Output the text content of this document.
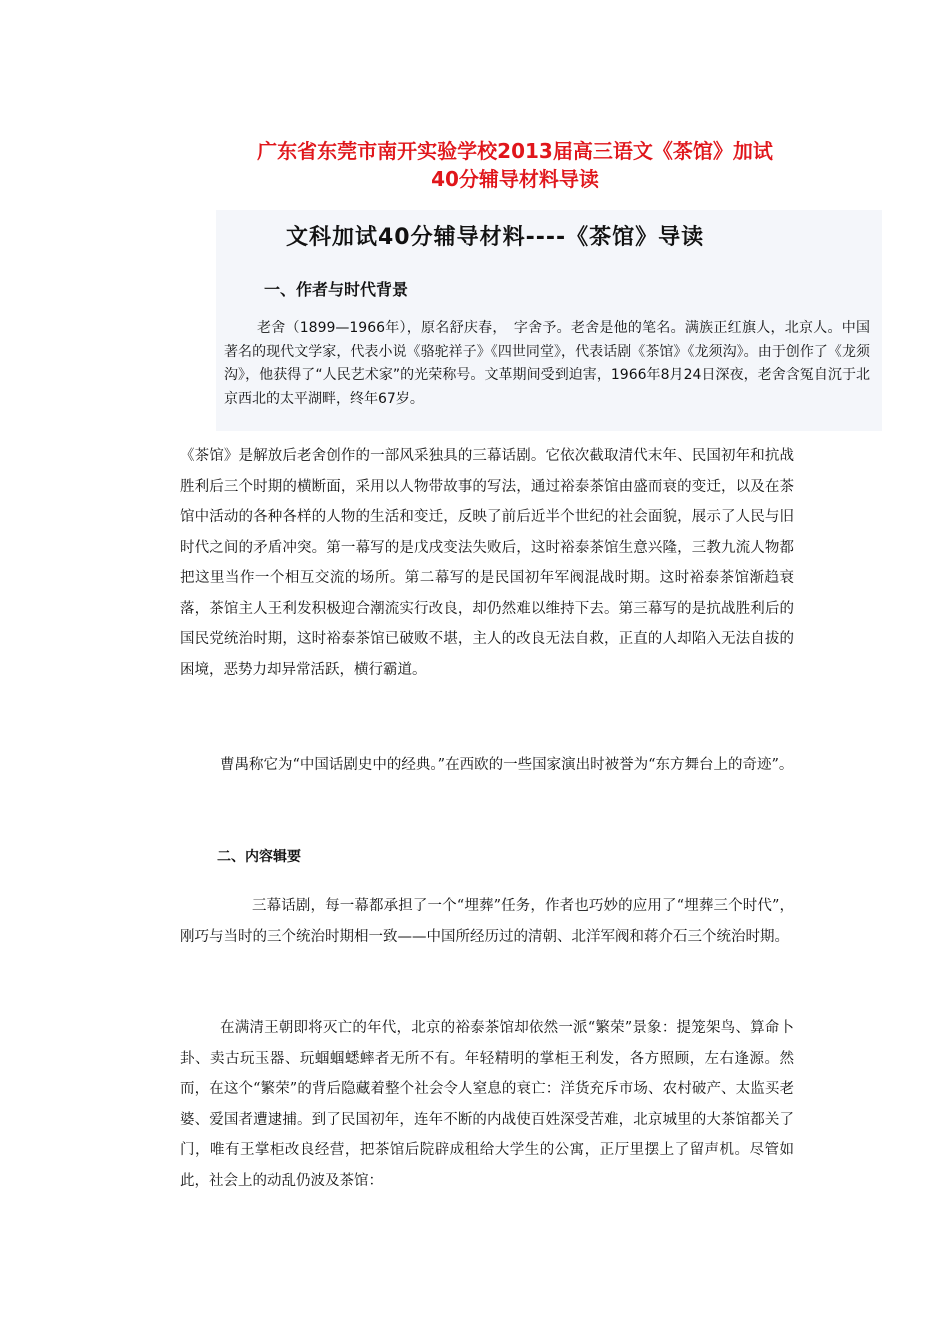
广东省东莞市南开实验学校2013届高三语文《茶馆》加试
40分辅导材料导读
文科加试40分辅导材料----《茶馆》导读
一、作者与时代背景
老舍（1899—1966年），原名舒庆春，　字舍予。老舍是他的笔名。满族正红旗人，北京人。中国著名的现代文学家，代表小说《骆驼祥子》《四世同堂》，代表话剧《茶馆》《龙须沟》。由于创作了《龙须沟》，他获得了“人民艺术家”的光荣称号。文革期间受到迫害，1966年8月24日深夜，老舍含冤自沉于北京西北的太平湖畔，终年67岁。

《茶馆》是解放后老舍创作的一部风采独具的三幕话剧。它依次截取清代末年、民国初年和抗战胜利后三个时期的横断面，采用以人物带故事的写法，通过裕泰茶馆由盛而衰的变迁，以及在茶馆中活动的各种各样的人物的生活和变迁，反映了前后近半个世纪的社会面貌，展示了人民与旧时代之间的矛盾冲突。第一幕写的是戊戌变法失败后，这时裕泰茶馆生意兴隆，三教九流人物都把这里当作一个相互交流的场所。第二幕写的是民国初年军阀混战时期。这时裕泰茶馆渐趋衰落，茶馆主人王利发积极迎合潮流实行改良，却仍然难以维持下去。第三幕写的是抗战胜利后的国民党统治时期，这时裕泰茶馆已破败不堪，主人的改良无法自救，正直的人却陷入无法自拔的困境，恶势力却异常活跃，横行霸道。

曹禺称它为“中国话剧史中的经典。”在西欧的一些国家演出时被誉为“东方舞台上的奇迹”。

二、内容辑要

三幕话剧，每一幕都承担了一个“埋葬”任务，作者也巧妙的应用了“埋葬三个时代”，刚巧与当时的三个统治时期相一致——中国所经历过的清朝、北洋军阀和蒋介石三个统治时期。

在满清王朝即将灭亡的年代，北京的裕泰茶馆却依然一派“繁荣”景象：提笼架鸟、算命卜卦、卖古玩玉器、玩蝈蝈蟋蟀者无所不有。年轻精明的掌柜王利发，各方照顾，左右逢源。然而，在这个“繁荣”的背后隐藏着整个社会令人窒息的衰亡：洋货充斥市场、农村破产、太监买老婆、爱国者遭逮捕。到了民国初年，连年不断的内战使百姓深受苦难，北京城里的大茶馆都关了门，唯有王掌柜改良经营，把茶馆后院辟成租给大学生的公寓，正厅里摆上了留声机。尽管如此，社会上的动乱仍波及茶馆：
